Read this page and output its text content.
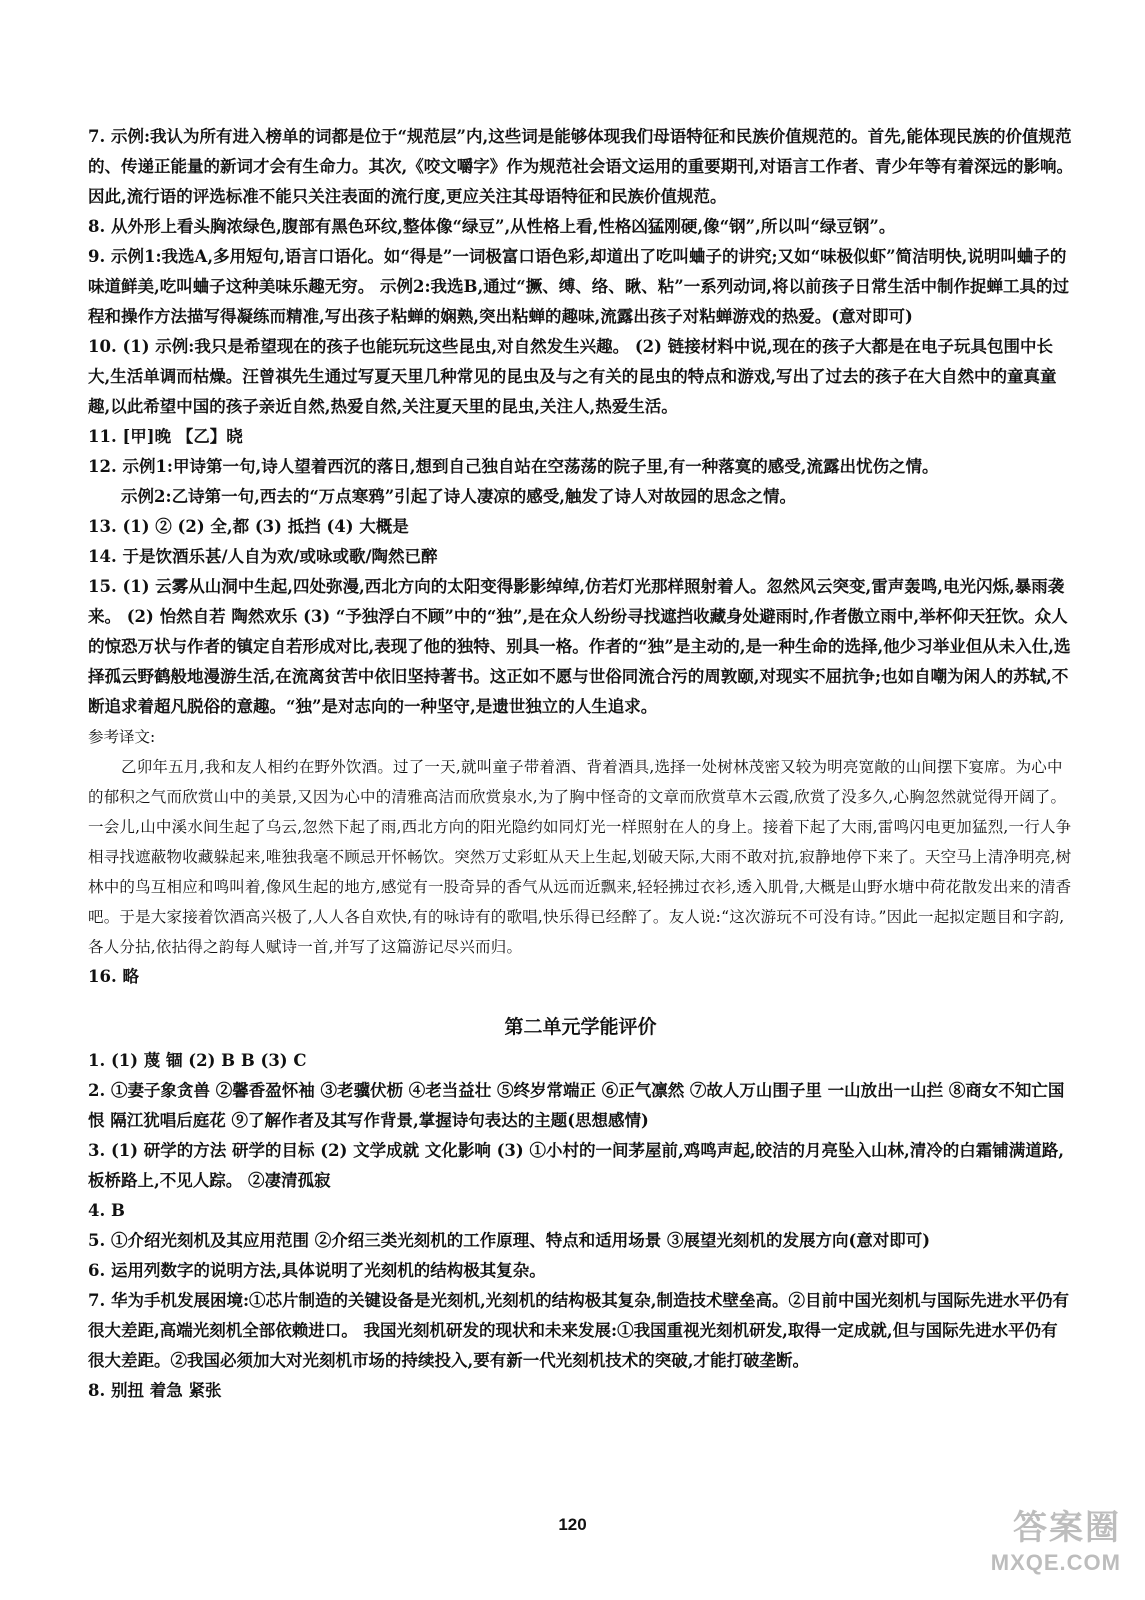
7. 示例:我认为所有进入榜单的词都是位于“规范层”内,这些词是能够体现我们母语特征和民族价值规范的。首先,能体现民族的价值规范的、传递正能量的新词才会有生命力。其次,《咬文嚼字》作为规范社会语文运用的重要期刊,对语言工作者、青少年等有着深远的影响。因此,流行语的评选标准不能只关注表面的流行度,更应关注其母语特征和民族价值规范。

8. 从外形上看头胸浓绿色,腹部有黑色环纹,整体像“绿豆”,从性格上看,性格凶猛刚硬,像“钢”,所以叫“绿豆钢”。

9. 示例1:我选A,多用短句,语言口语化。如“得是”一词极富口语色彩,却道出了吃叫蛐子的讲究;又如“味极似虾”简洁明快,说明叫蛐子的味道鲜美,吃叫蛐子这种美味乐趣无穷。 示例2:我选B,通过“撅、缚、络、瞅、粘”一系列动词,将以前孩子日常生活中制作捉蝉工具的过程和操作方法描写得凝练而精准,写出孩子粘蝉的娴熟,突出粘蝉的趣味,流露出孩子对粘蝉游戏的热爱。(意对即可)

10. (1) 示例:我只是希望现在的孩子也能玩玩这些昆虫,对自然发生兴趣。 (2) 链接材料中说,现在的孩子大都是在电子玩具包围中长大,生活单调而枯燥。汪曾祺先生通过写夏天里几种常见的昆虫及与之有关的昆虫的特点和游戏,写出了过去的孩子在大自然中的童真童趣,以此希望中国的孩子亲近自然,热爱自然,关注夏天里的昆虫,关注人,热爱生活。

11. [甲]晚 【乙】晓

12. 示例1:甲诗第一句,诗人望着西沉的落日,想到自己独自站在空荡荡的院子里,有一种落寞的感受,流露出忧伤之情。

示例2:乙诗第一句,西去的“万点寒鸦”引起了诗人凄凉的感受,触发了诗人对故园的思念之情。

13. (1) ② (2) 全,都 (3) 抵挡 (4) 大概是

14. 于是饮酒乐甚/人自为欢/或咏或歌/陶然已醉

15. (1) 云雾从山洞中生起,四处弥漫,西北方向的太阳变得影影绰绰,仿若灯光那样照射着人。忽然风云突变,雷声轰鸣,电光闪烁,暴雨袭来。 (2) 怡然自若 陶然欢乐 (3) “予独浮白不顾”中的“独”,是在众人纷纷寻找遮挡收藏身处避雨时,作者傲立雨中,举杯仰天狂饮。众人的惊恐万状与作者的镇定自若形成对比,表现了他的独特、别具一格。作者的“独”是主动的,是一种生命的选择,他少习举业但从未入仕,选择孤云野鹤般地漫游生活,在流离贫苦中依旧坚持著书。这正如不愿与世俗同流合污的周敦颐,对现实不屈抗争;也如自嘲为闲人的苏轼,不断追求着超凡脱俗的意趣。“独”是对志向的一种坚守,是遗世独立的人生追求。

参考译文:

乙卯年五月,我和友人相约在野外饮酒。过了一天,就叫童子带着酒、背着酒具,选择一处树林茂密又较为明亮宽敞的山间摆下宴席。为心中的郁积之气而欣赏山中的美景,又因为心中的清雅高洁而欣赏泉水,为了胸中怪奇的文章而欣赏草木云霞,欣赏了没多久,心胸忽然就觉得开阔了。一会儿,山中溪水间生起了乌云,忽然下起了雨,西北方向的阳光隐约如同灯光一样照射在人的身上。接着下起了大雨,雷鸣闪电更加猛烈,一行人争相寻找遮蔽物收藏躲起来,唯独我毫不顾忌开怀畅饮。突然万丈彩虹从天上生起,划破天际,大雨不敢对抗,寂静地停下来了。天空马上清净明亮,树林中的鸟互相应和鸣叫着,像风生起的地方,感觉有一股奇异的香气从远而近飘来,轻轻拂过衣衫,透入肌骨,大概是山野水塘中荷花散发出来的清香吧。于是大家接着饮酒高兴极了,人人各自欢快,有的咏诗有的歌唱,快乐得已经醉了。友人说:“这次游玩不可没有诗。”因此一起拟定题目和字韵,各人分拈,依拈得之韵每人赋诗一首,并写了这篇游记尽兴而归。

16. 略

第二单元学能评价

1. (1) 蔑 锢 (2) B B (3) C

2. ①妻子象贪兽 ②馨香盈怀袖 ③老骥伏枥 ④老当益壮 ⑤终岁常端正 ⑥正气凛然 ⑦故人万山围子里 一山放出一山拦 ⑧商女不知亡国恨 隔江犹唱后庭花 ⑨了解作者及其写作背景,掌握诗句表达的主题(思想感情)

3. (1) 研学的方法 研学的目标 (2) 文学成就 文化影响 (3) ①小村的一间茅屋前,鸡鸣声起,皎洁的月亮坠入山林,清冷的白霜铺满道路,板桥路上,不见人踪。 ②凄清孤寂

4. B

5. ①介绍光刻机及其应用范围 ②介绍三类光刻机的工作原理、特点和适用场景 ③展望光刻机的发展方向(意对即可)

6. 运用列数字的说明方法,具体说明了光刻机的结构极其复杂。

7. 华为手机发展困境:①芯片制造的关键设备是光刻机,光刻机的结构极其复杂,制造技术壁垒高。②目前中国光刻机与国际先进水平仍有很大差距,高端光刻机全部依赖进口。 我国光刻机研发的现状和未来发展:①我国重视光刻机研发,取得一定成就,但与国际先进水平仍有很大差距。②我国必须加大对光刻机市场的持续投入,要有新一代光刻机技术的突破,才能打破垄断。

8. 别扭 着急 紧张

120	答案圈
MXQE.COM
